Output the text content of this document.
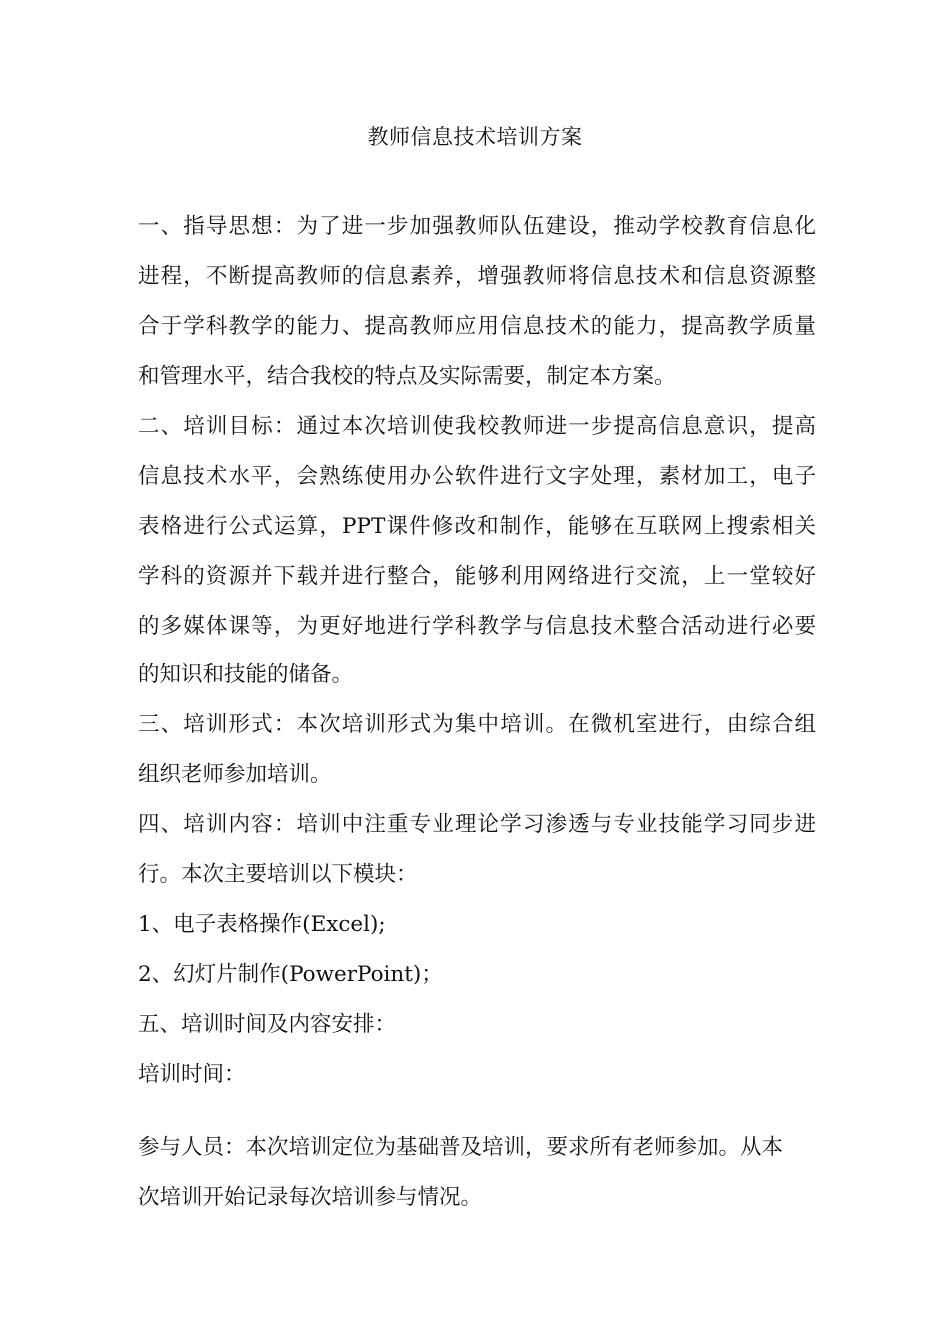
教师信息技术培训方案
一、指导思想：为了进一步加强教师队伍建设，推动学校教育信息化
进程，不断提高教师的信息素养，增强教师将信息技术和信息资源整
合于学科教学的能力、提高教师应用信息技术的能力，提高教学质量
和管理水平，结合我校的特点及实际需要，制定本方案。
二、培训目标：通过本次培训使我校教师进一步提高信息意识，提高
信息技术水平，会熟练使用办公软件进行文字处理，素材加工，电子
表格进行公式运算，PPT课件修改和制作，能够在互联网上搜索相关
学科的资源并下载并进行整合，能够利用网络进行交流，上一堂较好
的多媒体课等，为更好地进行学科教学与信息技术整合活动进行必要
的知识和技能的储备。
三、培训形式：本次培训形式为集中培训。在微机室进行，由综合组
组织老师参加培训。
四、培训内容：培训中注重专业理论学习渗透与专业技能学习同步进
行。本次主要培训以下模块：
1、电子表格操作(Excel);
2、幻灯片制作(PowerPoint)；
五、培训时间及内容安排：
培训时间：
参与人员：本次培训定位为基础普及培训，要求所有老师参加。从本
次培训开始记录每次培训参与情况。
